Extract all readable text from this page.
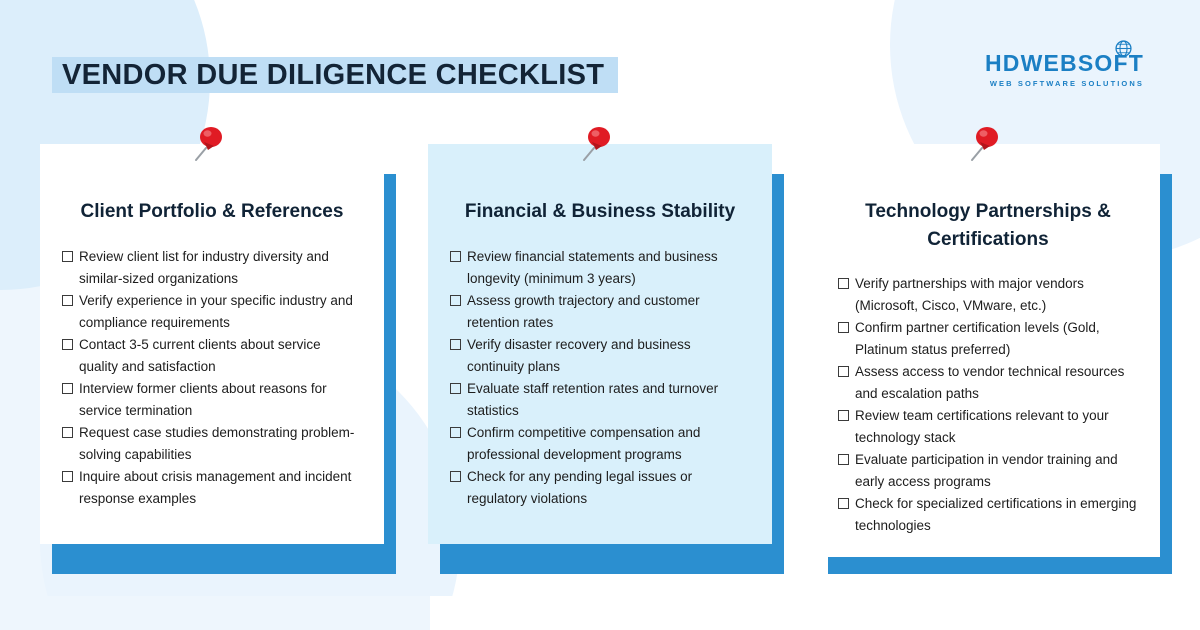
VENDOR DUE DILIGENCE CHECKLIST	HDWEBSOFT
WEB SOFTWARE SOLUTIONS
Client Portfolio & References
Review client list for industry diversity and similar-sized organizations
Verify experience in your specific industry and compliance requirements
Contact 3-5 current clients about service quality and satisfaction
Interview former clients about reasons for service termination
Request case studies demonstrating problem-solving capabilities
Inquire about crisis management and incident response examples
Financial & Business Stability
Review financial statements and business longevity (minimum 3 years)
Assess growth trajectory and customer retention rates
Verify disaster recovery and business continuity plans
Evaluate staff retention rates and turnover statistics
Confirm competitive compensation and professional development programs
Check for any pending legal issues or regulatory violations
Technology Partnerships & Certifications
Verify partnerships with major vendors (Microsoft, Cisco, VMware, etc.)
Confirm partner certification levels (Gold, Platinum status preferred)
Assess access to vendor technical resources and escalation paths
Review team certifications relevant to your technology stack
Evaluate participation in vendor training and early access programs
Check for specialized certifications in emerging technologies
